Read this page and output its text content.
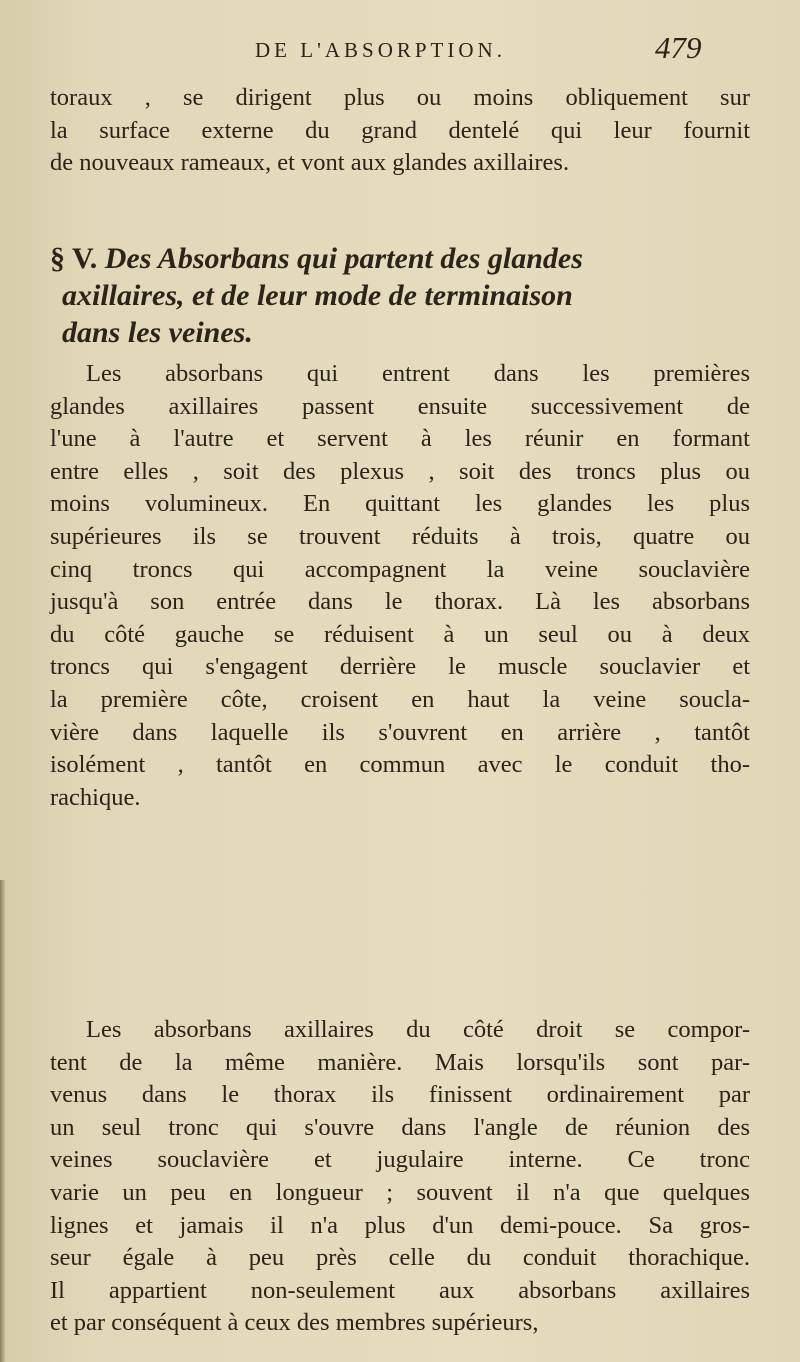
DE L'ABSORPTION.	479

toraux , se dirigent plus ou moins obliquement sur
la surface externe du grand dentelé qui leur fournit
de nouveaux rameaux, et vont aux glandes axillaires.

§ V. Des Absorbans qui partent des glandes
axillaires, et de leur mode de terminaison
dans les veines.

Les absorbans qui entrent dans les premières
glandes axillaires passent ensuite successivement de
l'une à l'autre et servent à les réunir en formant
entre elles , soit des plexus , soit des troncs plus ou
moins volumineux. En quittant les glandes les plus
supérieures ils se trouvent réduits à trois, quatre ou
cinq troncs qui accompagnent la veine souclavière
jusqu'à son entrée dans le thorax. Là les absorbans
du côté gauche se réduisent à un seul ou à deux
troncs qui s'engagent derrière le muscle souclavier et
la première côte, croisent en haut la veine soucla-
vière dans laquelle ils s'ouvrent en arrière , tantôt
isolément , tantôt en commun avec le conduit tho-
rachique.

Les absorbans axillaires du côté droit se compor-
tent de la même manière. Mais lorsqu'ils sont par-
venus dans le thorax ils finissent ordinairement par
un seul tronc qui s'ouvre dans l'angle de réunion des
veines souclavière et jugulaire interne. Ce tronc
varie un peu en longueur ; souvent il n'a que quelques
lignes et jamais il n'a plus d'un demi-pouce. Sa gros-
seur égale à peu près celle du conduit thorachique.
Il appartient non-seulement aux absorbans axillaires
et par conséquent à ceux des membres supérieurs,
